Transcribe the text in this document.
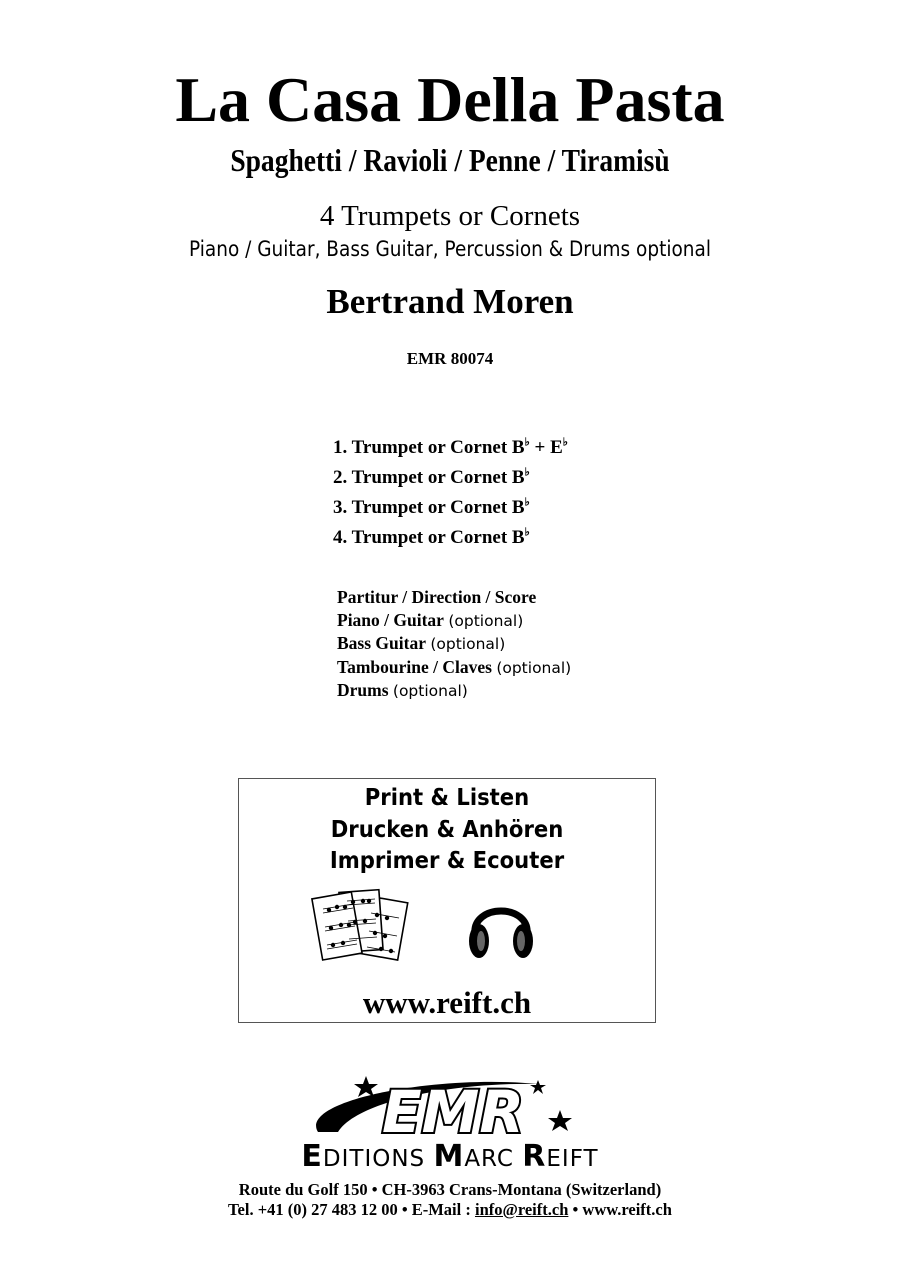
La Casa Della Pasta
Spaghetti / Ravioli / Penne / Tiramisù
4 Trumpets or Cornets
Piano / Guitar, Bass Guitar, Percussion & Drums optional
Bertrand Moren
EMR 80074
1. Trumpet or Cornet B♭ + E♭
2. Trumpet or Cornet B♭
3. Trumpet or Cornet B♭
4. Trumpet or Cornet B♭
Partitur / Direction / Score
Piano / Guitar (optional)
Bass Guitar (optional)
Tambourine / Claves (optional)
Drums (optional)
Print & Listen
Drucken & Anhören
Imprimer & Ecouter
www.reift.ch
EMR
EDITIONS MARC REIFT
Route du Golf 150 • CH-3963 Crans-Montana (Switzerland)
Tel. +41 (0) 27 483 12 00 • E-Mail : info@reift.ch • www.reift.ch
